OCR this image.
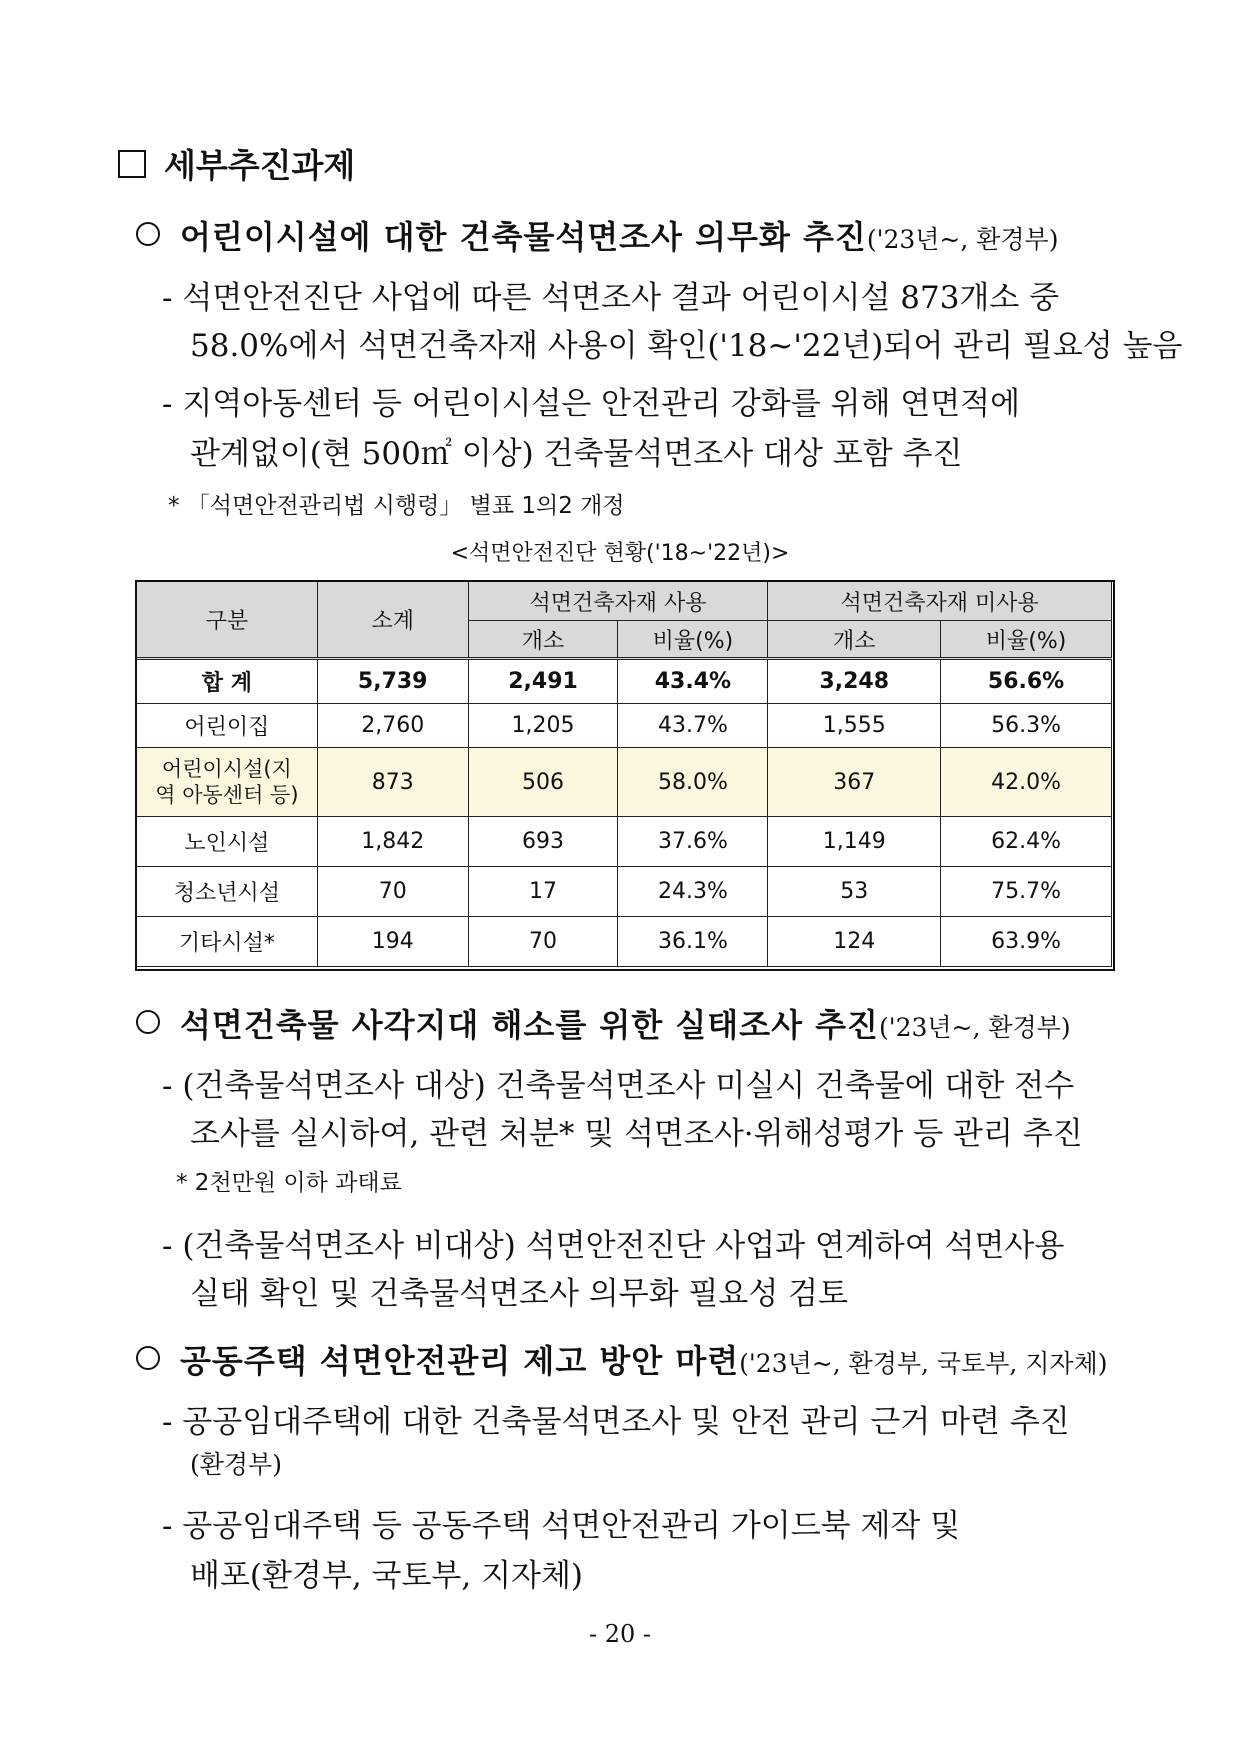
세부추진과제
어린이시설에 대한 건축물석면조사 의무화 추진 ('23년~, 환경부)
- 석면안전진단 사업에 따른 석면조사 결과 어린이시설 873개소 중
58.0%에서 석면건축자재 사용이 확인('18~'22년)되어 관리 필요성 높음
- 지역아동센터 등 어린이시설은 안전관리 강화를 위해 연면적에
관계없이(현 500㎡ 이상) 건축물석면조사 대상 포함 추진
* 「석면안전관리법 시행령」 별표 1의2 개정
<석면안전진단 현황('18~'22년)>
구분	소계	석면건축자재 사용		석면건축자재 미사용	
		개소	비율(%)	개소	비율(%)
합 계	5,739	2,491	43.4%	3,248	56.6%
어린이집	2,760	1,205	43.7%	1,555	56.3%
어린이시설(지역 아동센터 등)	873	506	58.0%	367	42.0%
노인시설	1,842	693	37.6%	1,149	62.4%
청소년시설	70	17	24.3%	53	75.7%
기타시설*	194	70	36.1%	124	63.9%
석면건축물 사각지대 해소를 위한 실태조사 추진 ('23년~, 환경부)
- (건축물석면조사 대상) 건축물석면조사 미실시 건축물에 대한 전수
조사를 실시하여, 관련 처분* 및 석면조사·위해성평가 등 관리 추진
* 2천만원 이하 과태료
- (건축물석면조사 비대상) 석면안전진단 사업과 연계하여 석면사용
실태 확인 및 건축물석면조사 의무화 필요성 검토
공동주택 석면안전관리 제고 방안 마련 ('23년~, 환경부, 국토부, 지자체)
- 공공임대주택에 대한 건축물석면조사 및 안전 관리 근거 마련 추진
(환경부)
- 공공임대주택 등 공동주택 석면안전관리 가이드북 제작 및
배포(환경부, 국토부, 지자체)
- 20 -
